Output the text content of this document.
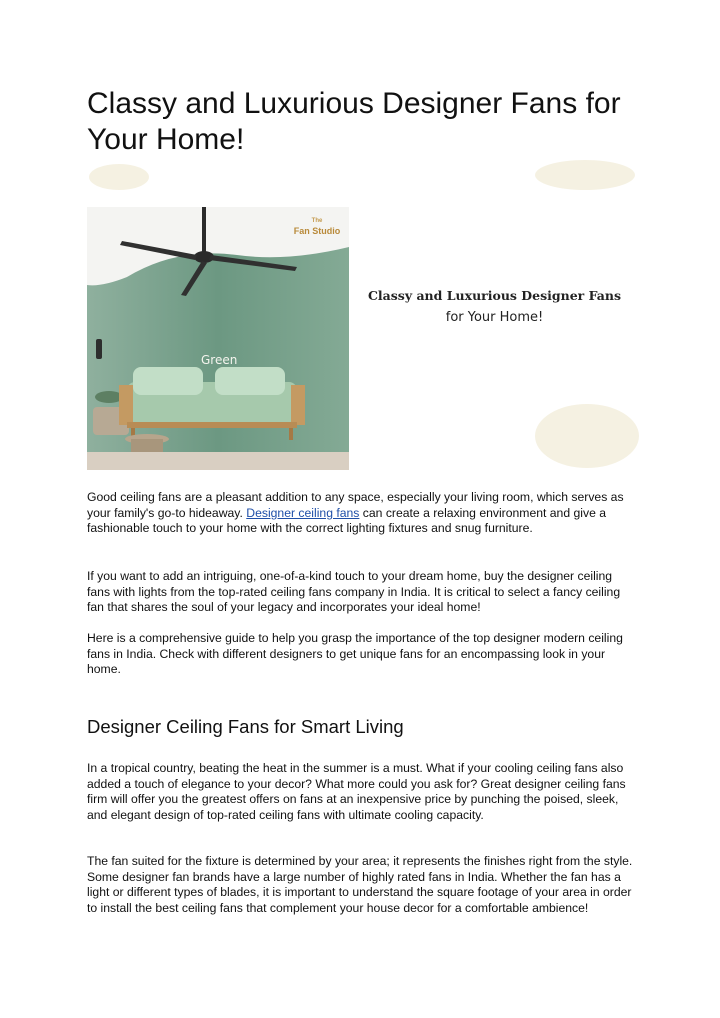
Classy and Luxurious Designer Fans for Your Home!
The
Fan Studio
Green
Classy and Luxurious Designer Fans
for Your Home!

Good ceiling fans are a pleasant addition to any space, especially your living room, which serves as your family's go-to hideaway. Designer ceiling fans can create a relaxing environment and give a fashionable touch to your home with the correct lighting fixtures and snug furniture.

If you want to add an intriguing, one-of-a-kind touch to your dream home, buy the designer ceiling fans with lights from the top-rated ceiling fans company in India. It is critical to select a fancy ceiling fan that shares the soul of your legacy and incorporates your ideal home!

Here is a comprehensive guide to help you grasp the importance of the top designer modern ceiling fans in India. Check with different designers to get unique fans for an encompassing look in your home.

Designer Ceiling Fans for Smart Living

In a tropical country, beating the heat in the summer is a must. What if your cooling ceiling fans also added a touch of elegance to your decor? What more could you ask for? Great designer ceiling fans firm will offer you the greatest offers on fans at an inexpensive price by punching the poised, sleek, and elegant design of top-rated ceiling fans with ultimate cooling capacity.

The fan suited for the fixture is determined by your area; it represents the finishes right from the style. Some designer fan brands have a large number of highly rated fans in India. Whether the fan has a light or different types of blades, it is important to understand the square footage of your area in order to install the best ceiling fans that complement your house decor for a comfortable ambience!
